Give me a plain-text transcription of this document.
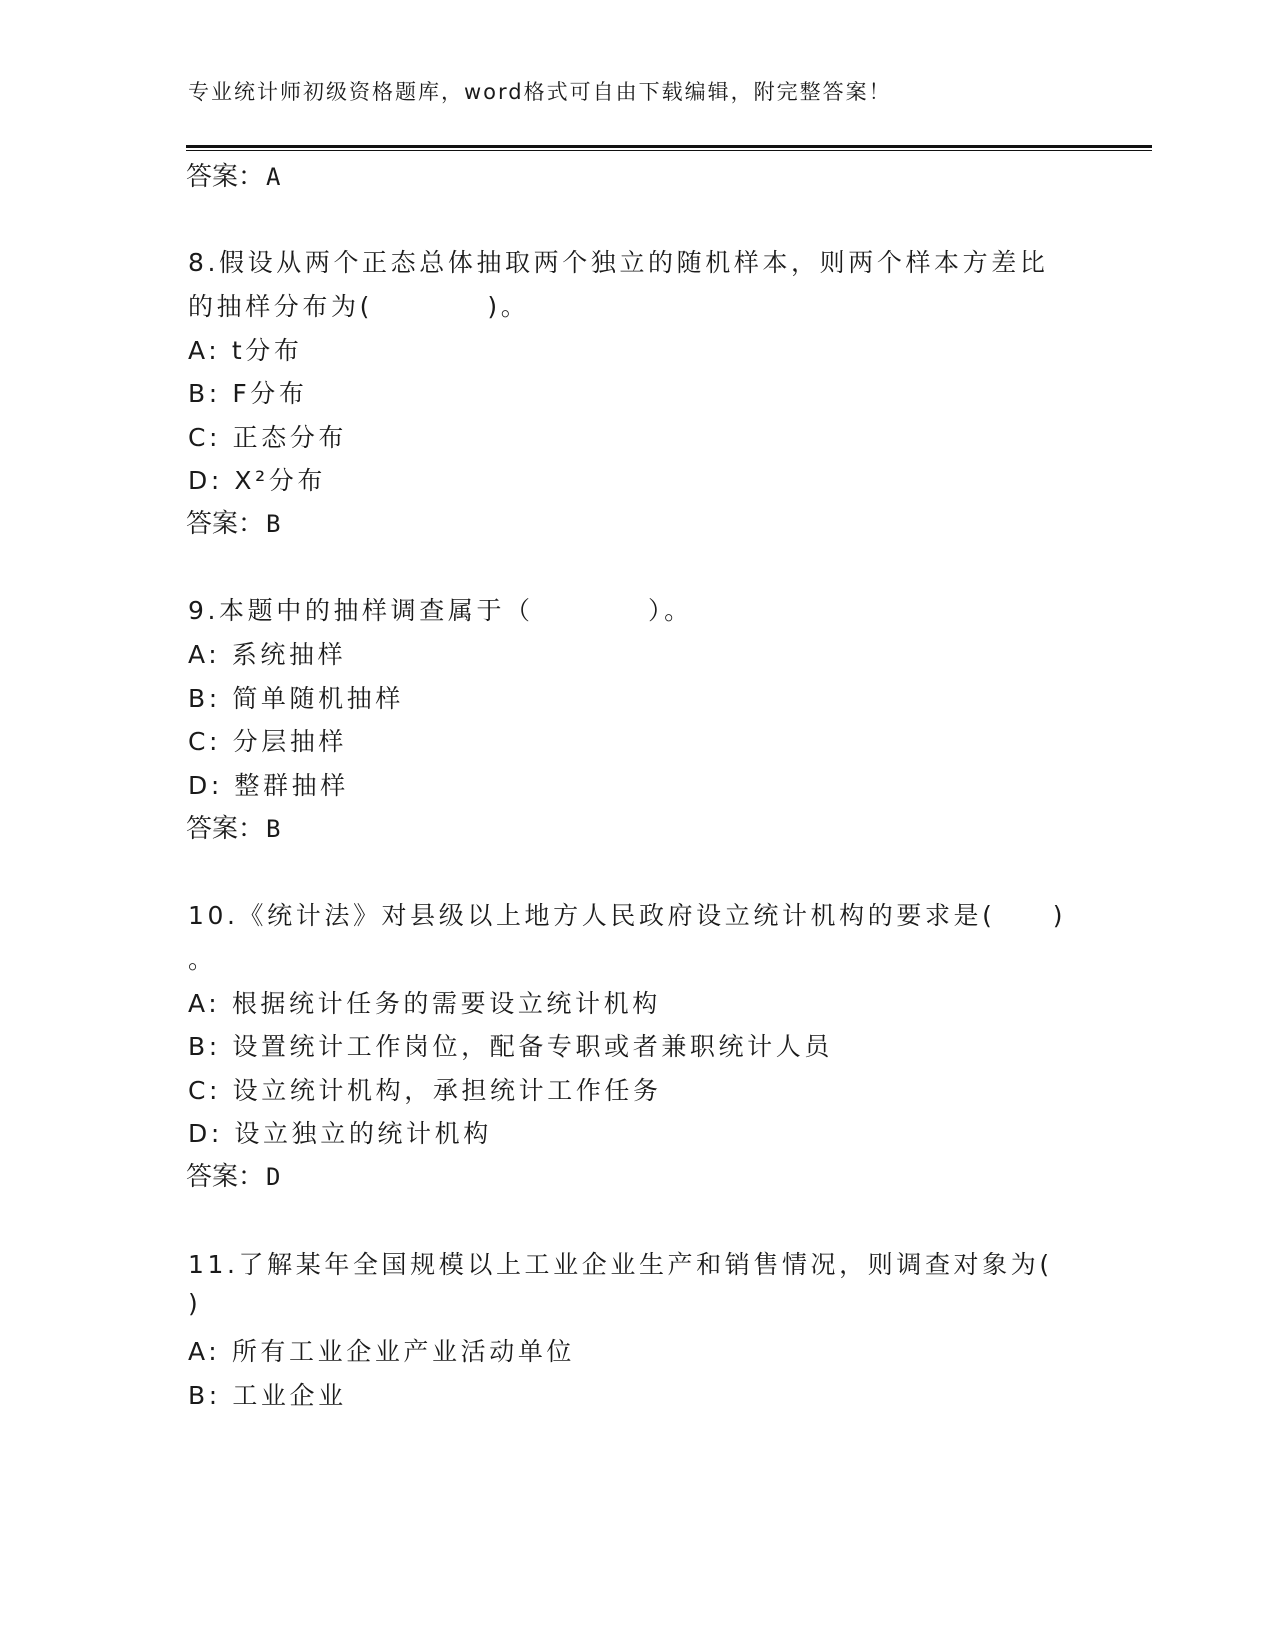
专业统计师初级资格题库，word格式可自由下载编辑，附完整答案！
答案：A
8.假设从两个正态总体抽取两个独立的随机样本，则两个样本方差比
的抽样分布为(　　　　)。
A: t分布
B: F分布
C: 正态分布
D: X²分布
答案：B
9.本题中的抽样调查属于（　　　　）。
A: 系统抽样
B: 简单随机抽样
C: 分层抽样
D: 整群抽样
答案：B
10.《统计法》对县级以上地方人民政府设立统计机构的要求是(　　)
。
A: 根据统计任务的需要设立统计机构
B: 设置统计工作岗位，配备专职或者兼职统计人员
C: 设立统计机构，承担统计工作任务
D: 设立独立的统计机构
答案：D
11.了解某年全国规模以上工业企业生产和销售情况，则调查对象为(
)
A: 所有工业企业产业活动单位
B: 工业企业
